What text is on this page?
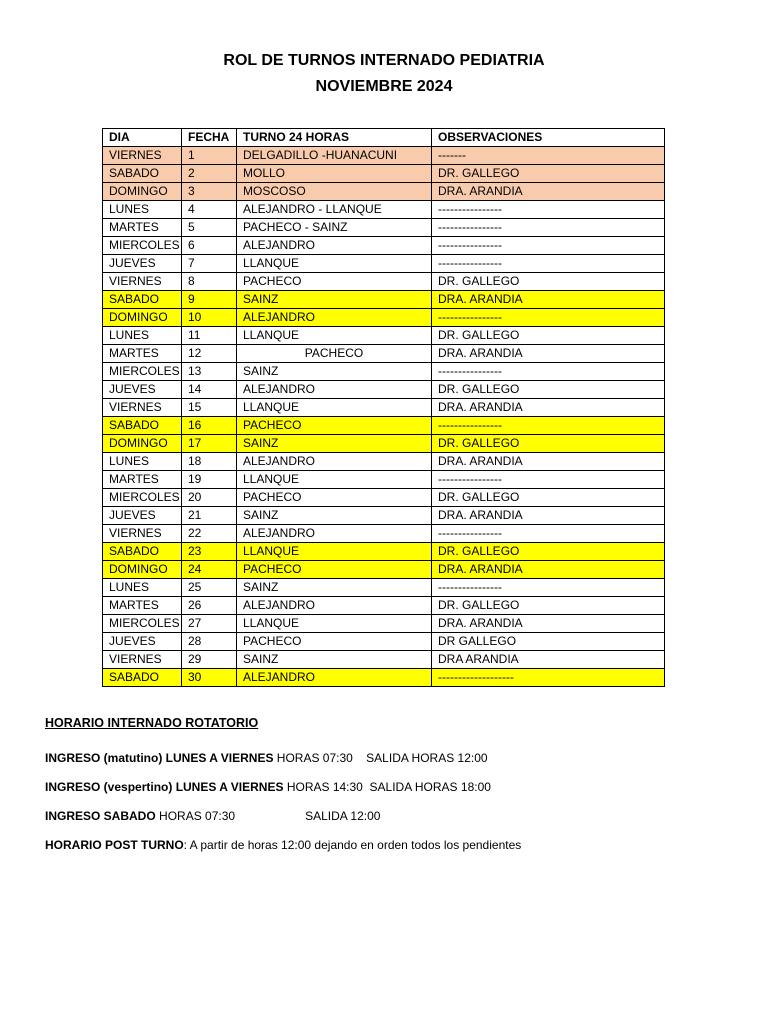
ROL DE TURNOS INTERNADO PEDIATRIA
NOVIEMBRE 2024
DIA	FECHA	TURNO 24 HORAS	OBSERVACIONES
VIERNES	1	DELGADILLO -HUANACUNI	-------
SABADO	2	MOLLO	DR. GALLEGO
DOMINGO	3	MOSCOSO	DRA. ARANDIA
LUNES	4	ALEJANDRO - LLANQUE	----------------
MARTES	5	PACHECO - SAINZ	----------------
MIERCOLES	6	ALEJANDRO	----------------
JUEVES	7	LLANQUE	----------------
VIERNES	8	PACHECO	DR. GALLEGO
SABADO	9	SAINZ	DRA. ARANDIA
DOMINGO	10	ALEJANDRO	----------------
LUNES	11	LLANQUE	DR. GALLEGO
MARTES	12	PACHECO	DRA. ARANDIA
MIERCOLES	13	SAINZ	----------------
JUEVES	14	ALEJANDRO	DR. GALLEGO
VIERNES	15	LLANQUE	DRA. ARANDIA
SABADO	16	PACHECO	----------------
DOMINGO	17	SAINZ	DR. GALLEGO
LUNES	18	ALEJANDRO	DRA. ARANDIA
MARTES	19	LLANQUE	----------------
MIERCOLES	20	PACHECO	DR. GALLEGO
JUEVES	21	SAINZ	DRA. ARANDIA
VIERNES	22	ALEJANDRO	----------------
SABADO	23	LLANQUE	DR. GALLEGO
DOMINGO	24	PACHECO	DRA. ARANDIA
LUNES	25	SAINZ	----------------
MARTES	26	ALEJANDRO	DR. GALLEGO
MIERCOLES	27	LLANQUE	DRA. ARANDIA
JUEVES	28	PACHECO	DR GALLEGO
VIERNES	29	SAINZ	DRA ARANDIA
SABADO	30	ALEJANDRO	-------------------
HORARIO INTERNADO ROTATORIO
INGRESO (matutino) LUNES A VIERNES HORAS 07:30    SALIDA HORAS 12:00
INGRESO (vespertino) LUNES A VIERNES HORAS 14:30  SALIDA HORAS 18:00
INGRESO SABADO HORAS 07:30                     SALIDA 12:00
HORARIO POST TURNO: A partir de horas 12:00 dejando en orden todos los pendientes
